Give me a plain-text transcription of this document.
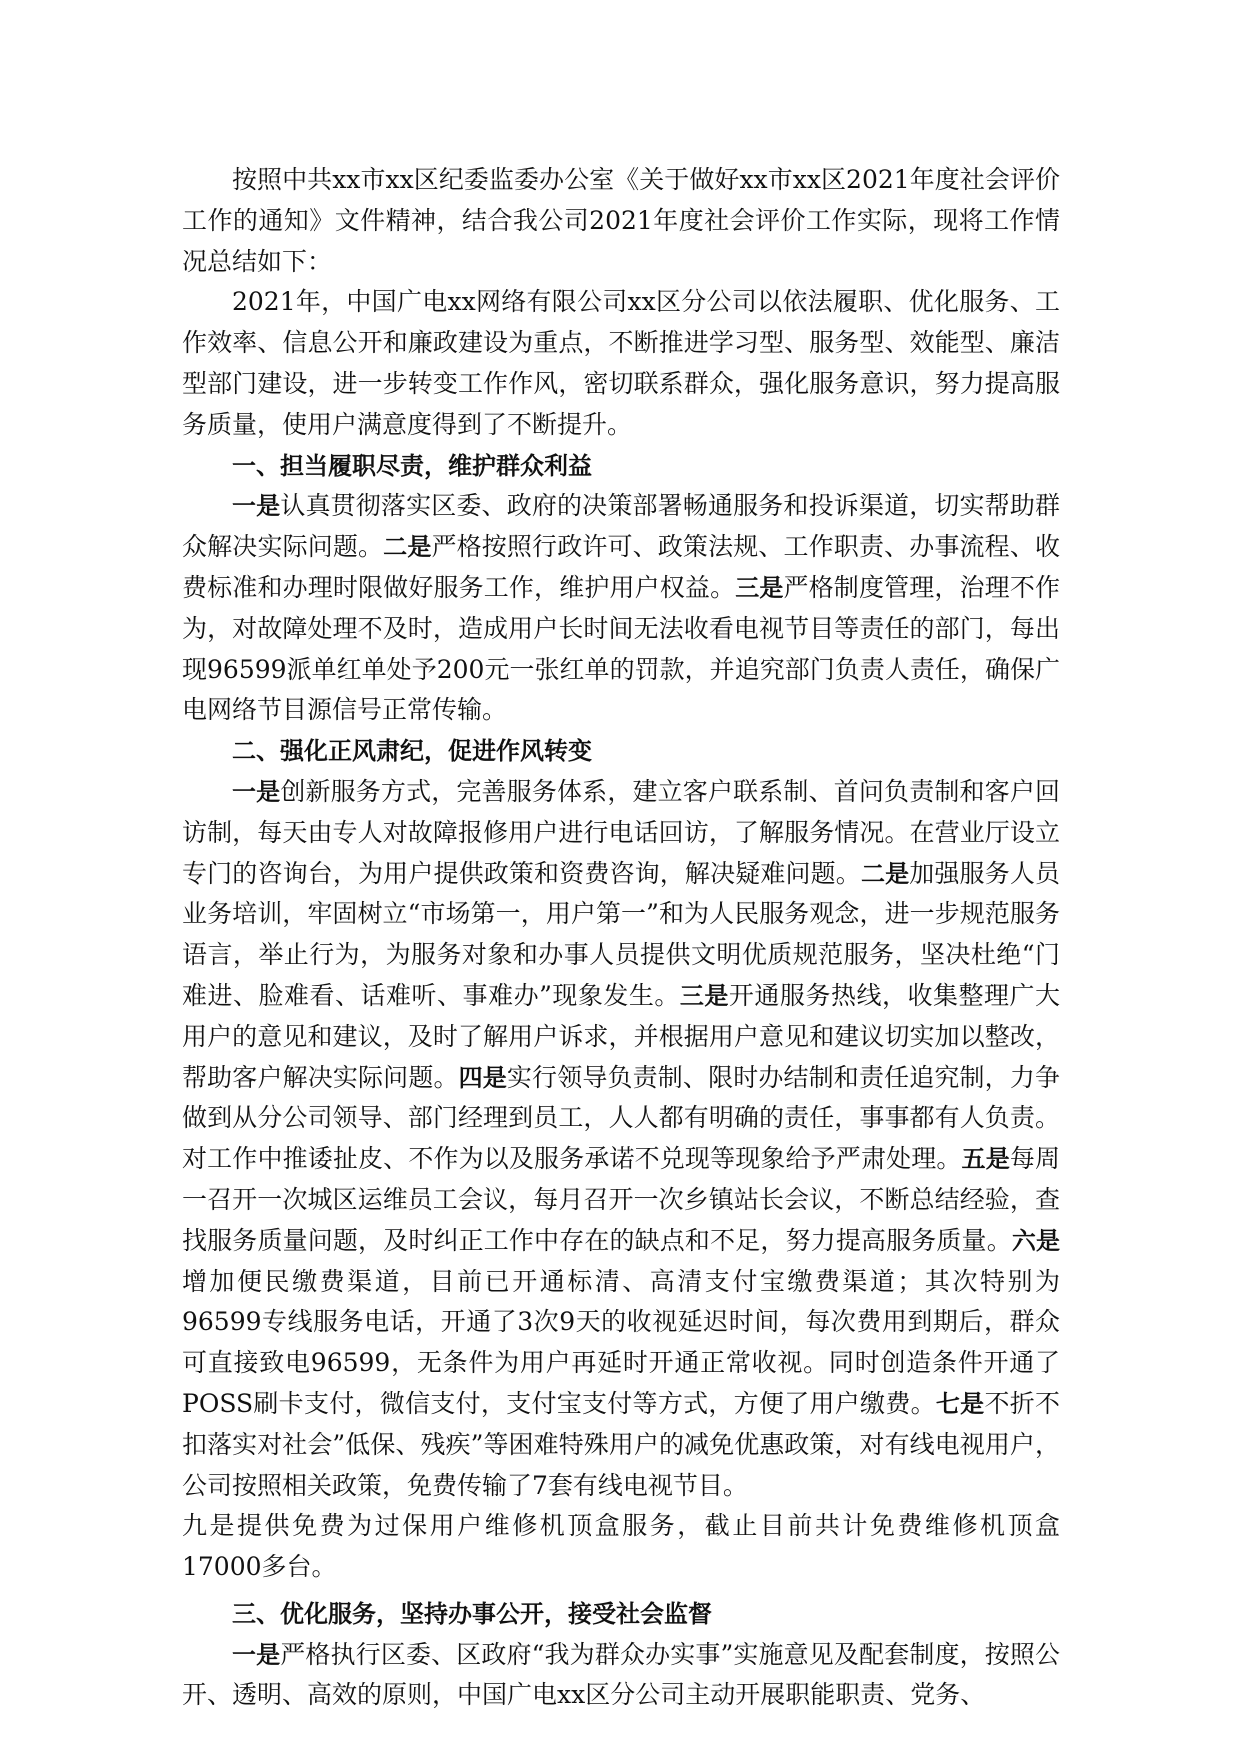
按照中共xx市xx区纪委监委办公室《关于做好xx市xx区2021年度社会评价工作的通知》文件精神，结合我公司2021年度社会评价工作实际，现将工作情况总结如下：

2021年，中国广电xx网络有限公司xx区分公司以依法履职、优化服务、工作效率、信息公开和廉政建设为重点，不断推进学习型、服务型、效能型、廉洁型部门建设，进一步转变工作作风，密切联系群众，强化服务意识，努力提高服务质量，使用户满意度得到了不断提升。

一、担当履职尽责，维护群众利益

一是认真贯彻落实区委、政府的决策部署畅通服务和投诉渠道，切实帮助群众解决实际问题。二是严格按照行政许可、政策法规、工作职责、办事流程、收费标准和办理时限做好服务工作，维护用户权益。三是严格制度管理，治理不作为，对故障处理不及时，造成用户长时间无法收看电视节目等责任的部门，每出现96599派单红单处予200元一张红单的罚款，并追究部门负责人责任，确保广电网络节目源信号正常传输。

二、强化正风肃纪，促进作风转变

一是创新服务方式，完善服务体系，建立客户联系制、首问负责制和客户回访制，每天由专人对故障报修用户进行电话回访，了解服务情况。在营业厅设立专门的咨询台，为用户提供政策和资费咨询，解决疑难问题。二是加强服务人员业务培训，牢固树立“市场第一，用户第一”和为人民服务观念，进一步规范服务语言，举止行为，为服务对象和办事人员提供文明优质规范服务，坚决杜绝“门难进、脸难看、话难听、事难办”现象发生。三是开通服务热线，收集整理广大用户的意见和建议，及时了解用户诉求，并根据用户意见和建议切实加以整改，帮助客户解决实际问题。四是实行领导负责制、限时办结制和责任追究制，力争做到从分公司领导、部门经理到员工，人人都有明确的责任，事事都有人负责。对工作中推诿扯皮、不作为以及服务承诺不兑现等现象给予严肃处理。五是每周一召开一次城区运维员工会议，每月召开一次乡镇站长会议，不断总结经验，查找服务质量问题，及时纠正工作中存在的缺点和不足，努力提高服务质量。六是增加便民缴费渠道，目前已开通标清、高清支付宝缴费渠道；其次特别为96599专线服务电话，开通了3次9天的收视延迟时间，每次费用到期后，群众可直接致电96599，无条件为用户再延时开通正常收视。同时创造条件开通了POSS刷卡支付，微信支付，支付宝支付等方式，方便了用户缴费。七是不折不扣落实对社会”低保、残疾”等困难特殊用户的减免优惠政策，对有线电视用户，公司按照相关政策，免费传输了7套有线电视节目。

九是提供免费为过保用户维修机顶盒服务，截止目前共计免费维修机顶盒17000多台。

三、优化服务，坚持办事公开，接受社会监督

一是严格执行区委、区政府“我为群众办实事”实施意见及配套制度，按照公开、透明、高效的原则，中国广电xx区分公司主动开展职能职责、党务、
